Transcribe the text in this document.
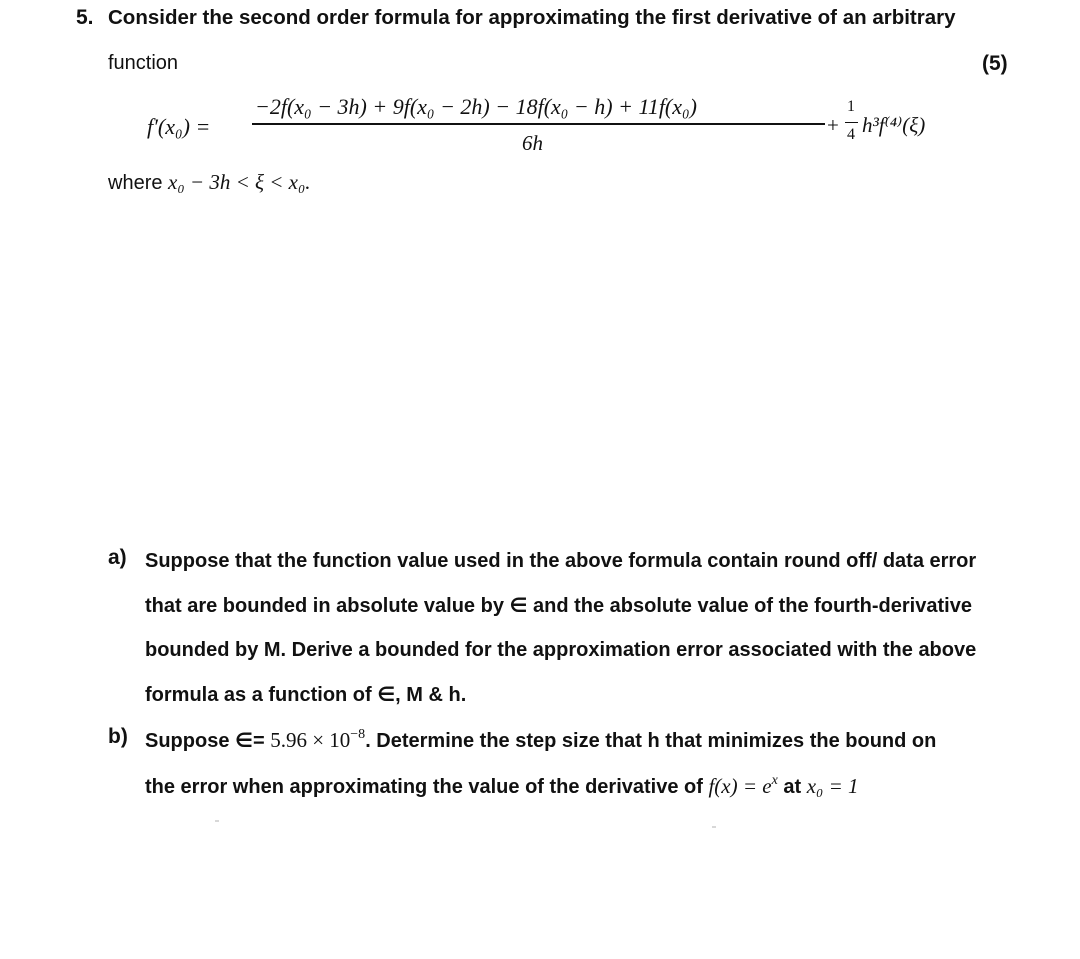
5. Consider the second order formula for approximating the first derivative of an arbitrary
function	(5)
f′(x₀) =
−2f(x₀ − 3h) + 9f(x₀ − 2h) − 18f(x₀ − h) + 11f(x₀)
6h
+
1
4 h³f⁽⁴⁾(ξ)
where x₀ − 3h < ξ < x₀.
a) Suppose that the function value used in the above formula contain round off/ data error
that are bounded in absolute value by ∈ and the absolute value of the fourth-derivative
bounded by M. Derive a bounded for the approximation error associated with the above
formula as a function of ∈, M & h.
b) Suppose ∈= $5.96 \times 10^{-8}$. Determine the step size that h that minimizes the bound on
the error when approximating the value of the derivative of $f(x) = e^x$ at x₀ = 1
